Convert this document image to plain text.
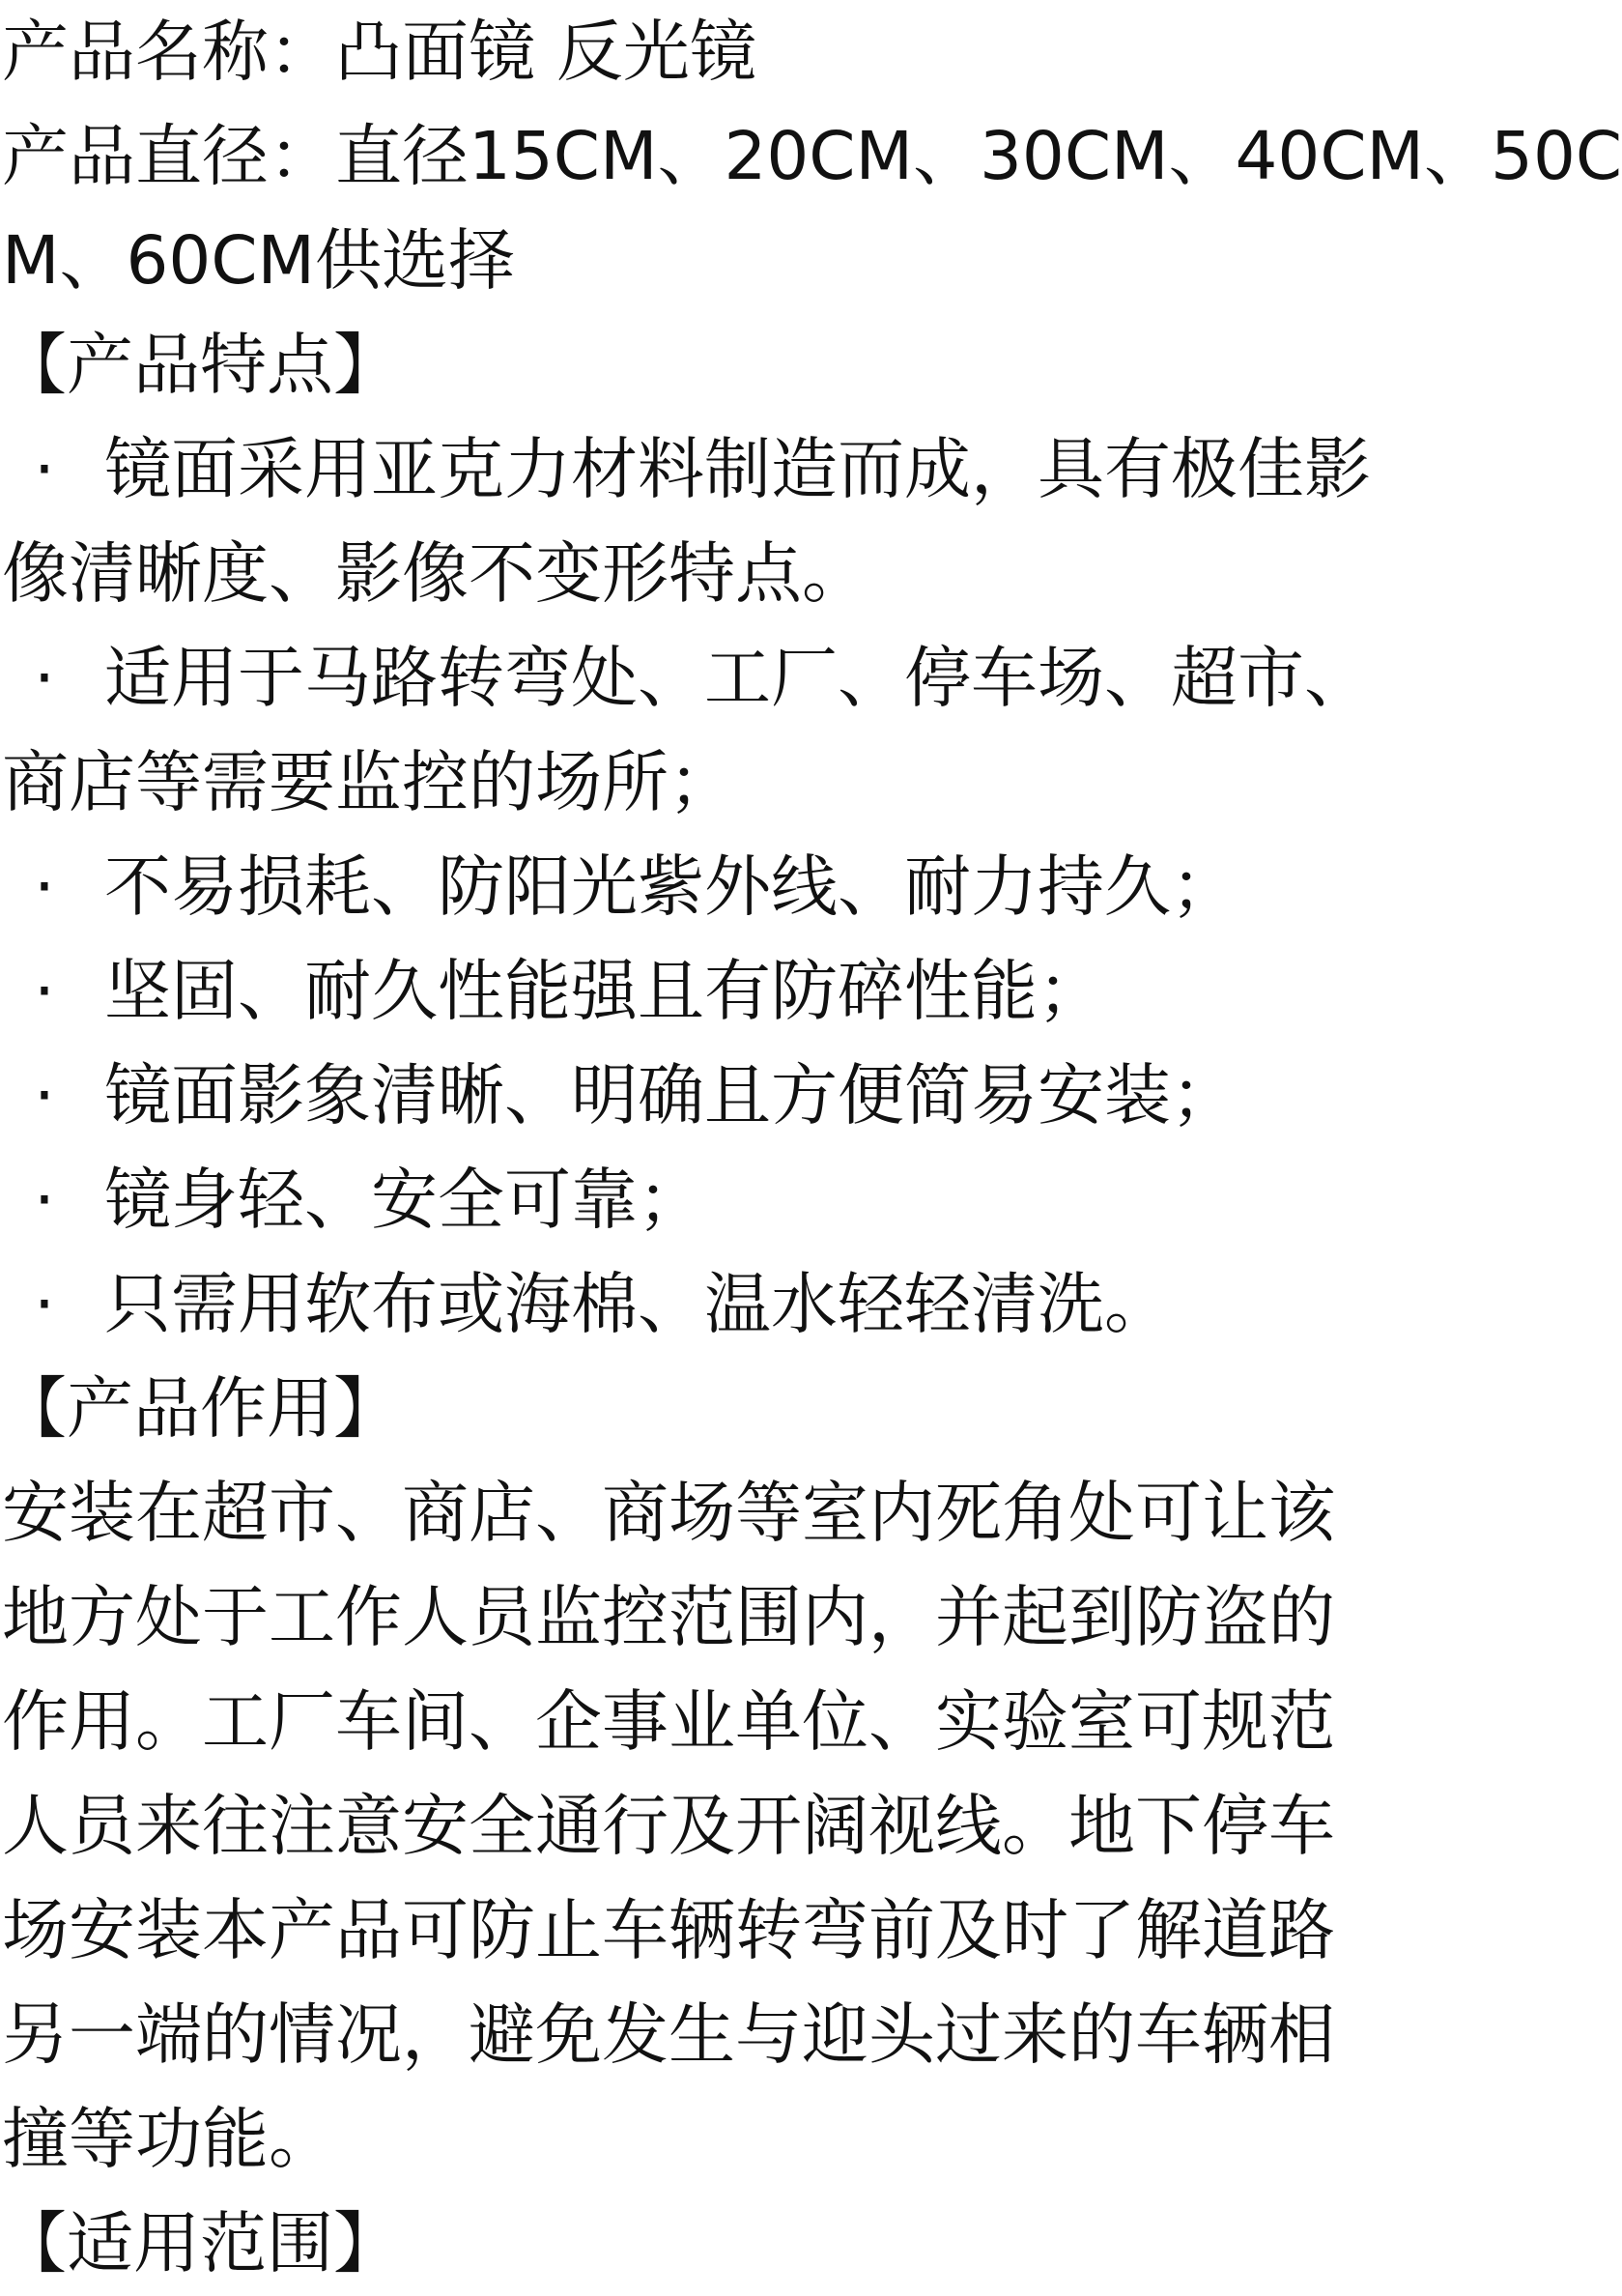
产品名称：凸面镜 反光镜
产品直径：直径15CM、20CM、30CM、40CM、50C
M、60CM供选择
【产品特点】
· 镜面采用亚克力材料制造而成，具有极佳影
像清晰度、影像不变形特点。
· 适用于马路转弯处、工厂、停车场、超市、
商店等需要监控的场所；
· 不易损耗、防阳光紫外线、耐力持久；
· 坚固、耐久性能强且有防碎性能；
· 镜面影象清晰、明确且方便简易安装；
· 镜身轻、安全可靠；
· 只需用软布或海棉、温水轻轻清洗。
【产品作用】
安装在超市、商店、商场等室内死角处可让该
地方处于工作人员监控范围内，并起到防盗的
作用。工厂车间、企事业单位、实验室可规范
人员来往注意安全通行及开阔视线。地下停车
场安装本产品可防止车辆转弯前及时了解道路
另一端的情况，避免发生与迎头过来的车辆相
撞等功能。
【适用范围】
